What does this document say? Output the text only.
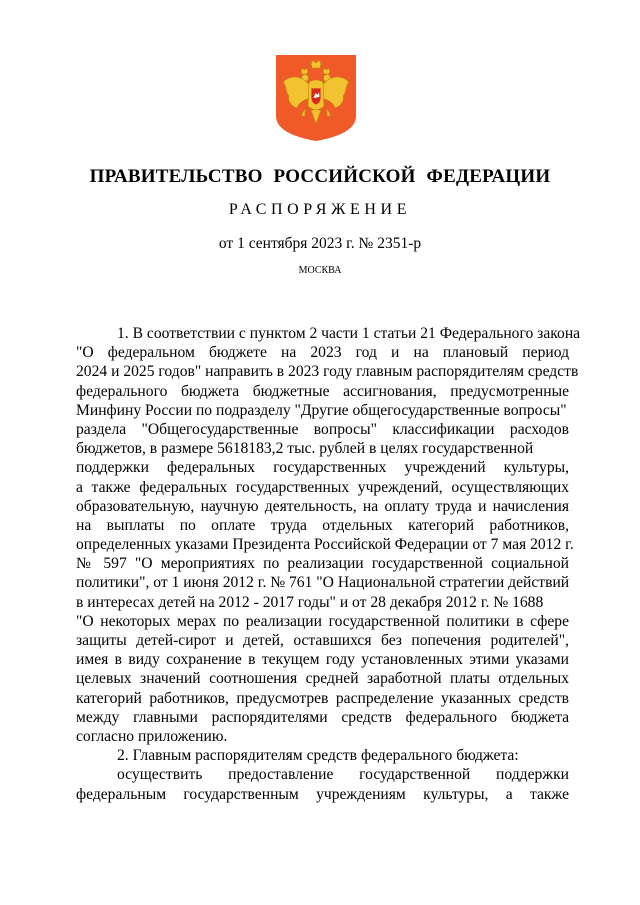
ПРАВИТЕЛЬСТВО РОССИЙСКОЙ ФЕДЕРАЦИИ
РАСПОРЯЖЕНИЕ
от 1 сентября 2023 г. № 2351-р
МОСКВА
1. В соответствии с пунктом 2 части 1 статьи 21 Федерального закона
"О федеральном бюджете на 2023 год и на плановый период
2024 и 2025 годов" направить в 2023 году главным распорядителям средств
федерального бюджета бюджетные ассигнования, предусмотренные
Минфину России по подразделу "Другие общегосударственные вопросы"
раздела "Общегосударственные вопросы" классификации расходов
бюджетов, в размере 5618183,2 тыс. рублей в целях государственной
поддержки федеральных государственных учреждений культуры,
а также федеральных государственных учреждений, осуществляющих
образовательную, научную деятельность, на оплату труда и начисления
на выплаты по оплате труда отдельных категорий работников,
определенных указами Президента Российской Федерации от 7 мая 2012 г.
№ 597 "О мероприятиях по реализации государственной социальной
политики", от 1 июня 2012 г. № 761 "О Национальной стратегии действий
в интересах детей на 2012 - 2017 годы" и от 28 декабря 2012 г. № 1688
"О некоторых мерах по реализации государственной политики в сфере
защиты детей-сирот и детей, оставшихся без попечения родителей",
имея в виду сохранение в текущем году установленных этими указами
целевых значений соотношения средней заработной платы отдельных
категорий работников, предусмотрев распределение указанных средств
между главными распорядителями средств федерального бюджета
согласно приложению.
2. Главным распорядителям средств федерального бюджета:
осуществить предоставление государственной поддержки
федеральным государственным учреждениям культуры, а также
